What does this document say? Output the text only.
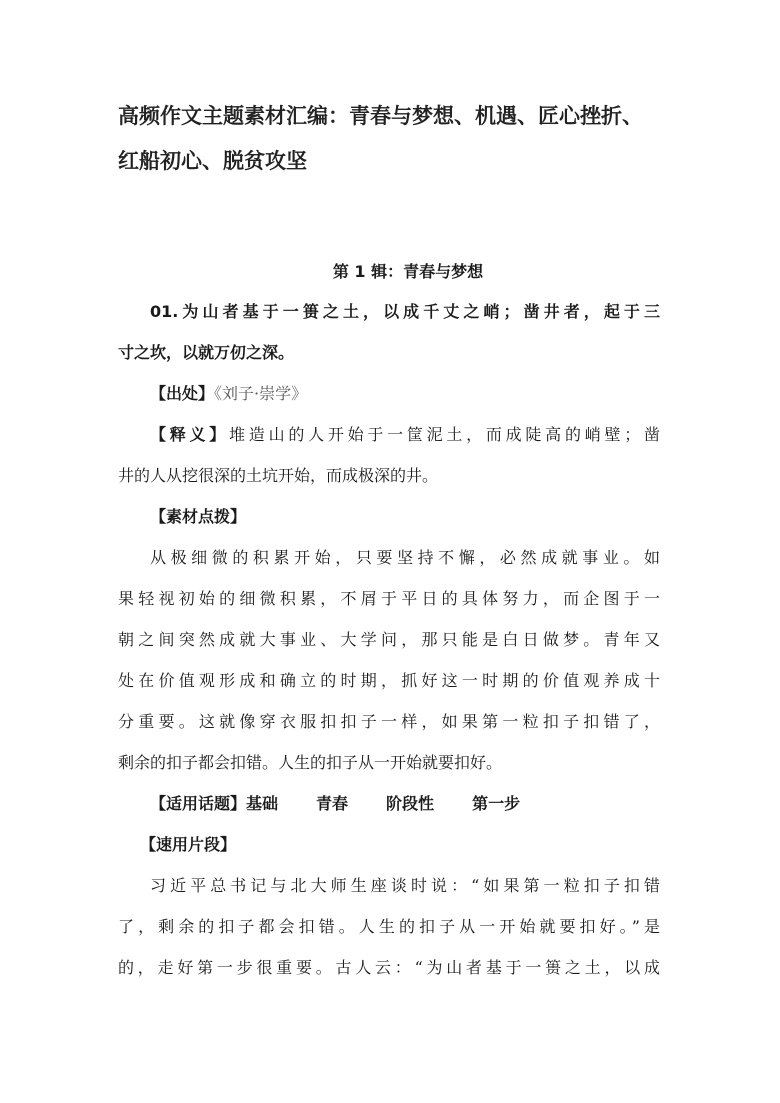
高频作文主题素材汇编：青春与梦想、机遇、匠心挫折、
红船初心、脱贫攻坚
第 1 辑：青春与梦想

01.为山者基于一篑之土，以成千丈之峭；凿井者，起于三

寸之坎，以就万仞之深。

【出处】《刘子·崇学》

【释义】堆造山的人开始于一筐泥土，而成陡高的峭壁；凿

井的人从挖很深的土坑开始，而成极深的井。

【素材点拨】

从极细微的积累开始，只要坚持不懈，必然成就事业。如

果轻视初始的细微积累，不屑于平日的具体努力，而企图于一

朝之间突然成就大事业、大学问，那只能是白日做梦。青年又

处在价值观形成和确立的时期，抓好这一时期的价值观养成十

分重要。这就像穿衣服扣扣子一样，如果第一粒扣子扣错了，

剩余的扣子都会扣错。人生的扣子从一开始就要扣好。

【适用话题】基础 青春 阶段性 第一步

【速用片段】

习近平总书记与北大师生座谈时说：“如果第一粒扣子扣错

了，剩余的扣子都会扣错。人生的扣子从一开始就要扣好。”是

的，走好第一步很重要。古人云：“为山者基于一篑之土，以成
